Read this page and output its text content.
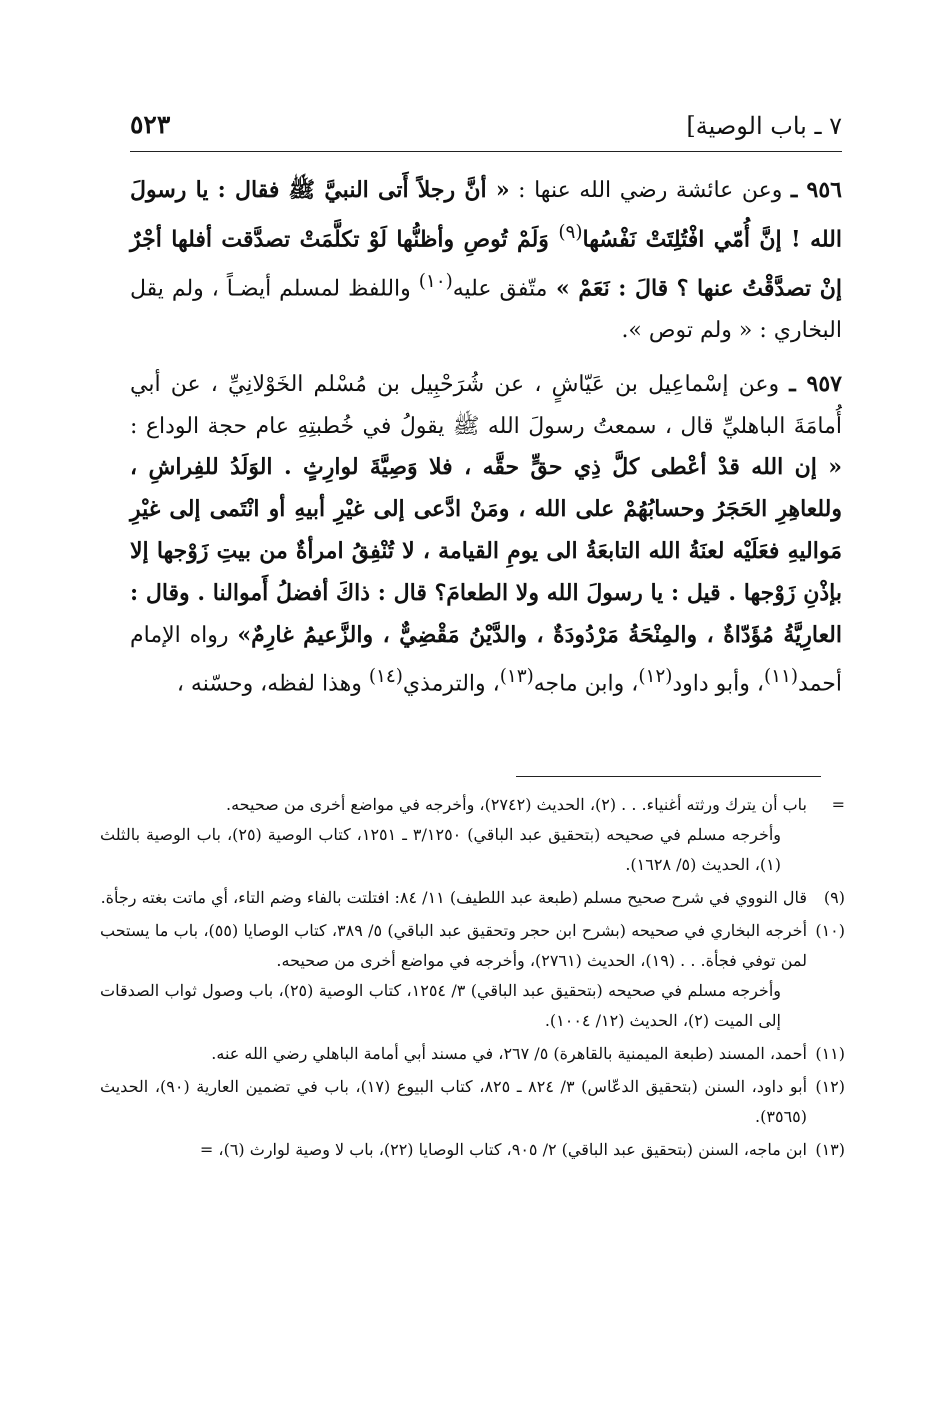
٧ ـ باب الوصية]
٥٢٣

٩٥٦ ـ وعن عائشة رضي الله عنها : « أنَّ رجلاً أَتى النبيَّ ﷺ فقال : يا رسولَ الله ! إنَّ أُمّي افْتُلِتَتْ نَفْسُها$^{(٩)}$ وَلَمْ تُوصِ وأظنُّها لَوْ تكلَّمَتْ تصدَّقت أفلها أجْرٌ إنْ تصدَّقْتُ عنها ؟ قالَ : نَعَمْ » متّفق عليه$^{(١٠)}$ واللفظ لمسلم أيضـاً ، ولم يقل البخاري : « ولم توص ».

٩٥٧ ـ وعن إسْماعِيل بن عَيّاشٍ ، عن شُرَحْبِيل بن مُسْلم الخَوْلانِيِّ ، عن أبي أُمامَةَ الباهليِّ قال ، سمعتُ رسولَ الله ﷺ يقولُ في خُطبتِهِ عام حجة الوداع : « إن الله قدْ أعْطى كلَّ ذِي حقٍّ حقَّه ، فلا وَصِيَّةَ لوارِثٍ . الوَلَدُ للفِراشِ ، وللعاهِرِ الحَجَرُ وحسابُهُمْ على الله ، ومَنْ ادَّعى إلى غيْرِ أبيهِ أو انْتَمى إلى غيْرِ مَواليهِ فعَلَيْه لعنَةُ الله التابعَةُ الى يومِ القيامة ، لا تُنْفِقُ امرأةٌ من بيتِ زَوْجها إلا بإذْنِ زَوْجها . قيل : يا رسولَ الله ولا الطعامَ؟ قال : ذاكَ أفضلُ أَموالنا . وقال : العارِيَّةُ مُؤَدّاةٌ ، والمِنْحَةُ مَرْدُودَةٌ ، والدَّيْنُ مَقْضِيٌّ ، والزَّعيمُ غارِمٌ» رواه الإمام أحمد$^{(١١)}$، وأبو داود$^{(١٢)}$، وابن ماجه$^{(١٣)}$، والترمذي$^{(١٤)}$ وهذا لفظه، وحسّنه ،

=
باب أن يترك ورثته أغنياء. . . (٢)، الحديث (٢٧٤٢)، وأخرجه في مواضع أخرى من صحيحه.
وأخرجه مسلم في صحيحه (بتحقيق عبد الباقي) ٣/١٢٥٠ ـ ١٢٥١، كتاب الوصية (٢٥)، باب الوصية بالثلث (١)، الحديث (٥/ ١٦٢٨).
(٩)
قال النووي في شرح صحيح مسلم (طبعة عبد اللطيف) ١١/ ٨٤: افتلتت بالفاء وضم التاء، أي ماتت بغته رجأة.
(١٠)
أخرجه البخاري في صحيحه (بشرح ابن حجر وتحقيق عبد الباقي) ٥/ ٣٨٩، كتاب الوصايا (٥٥)، باب ما يستحب لمن توفي فجأة. . . (١٩)، الحديث (٢٧٦١)، وأخرجه في مواضع أخرى من صحيحه.
وأخرجه مسلم في صحيحه (بتحقيق عبد الباقي) ٣/ ١٢٥٤، كتاب الوصية (٢٥)، باب وصول ثواب الصدقات إلى الميت (٢)، الحديث (١٢/ ١٠٠٤).
(١١)
أحمد، المسند (طبعة الميمنية بالقاهرة) ٥/ ٢٦٧، في مسند أبي أمامة الباهلي رضي الله عنه.
(١٢)
أبو داود، السنن (بتحقيق الدعّاس) ٣/ ٨٢٤ ـ ٨٢٥، كتاب البيوع (١٧)، باب في تضمين العارية (٩٠)، الحديث (٣٥٦٥).
(١٣)
ابن ماجه، السنن (بتحقيق عبد الباقي) ٢/ ٩٠٥، كتاب الوصايا (٢٢)، باب لا وصية لوارث (٦)، =
